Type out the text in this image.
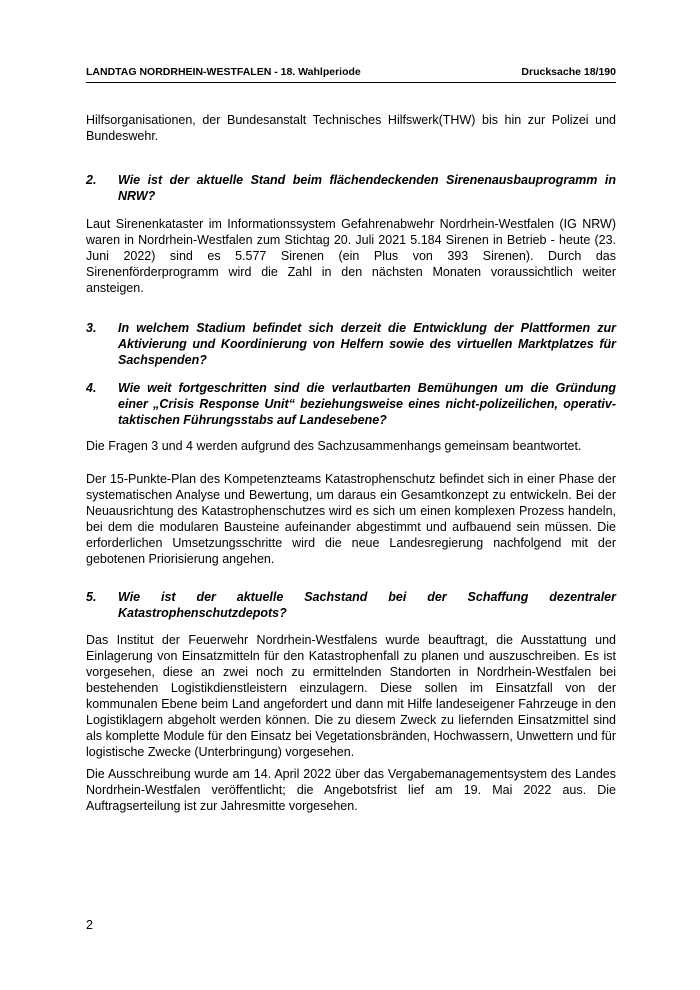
LANDTAG NORDRHEIN-WESTFALEN - 18. Wahlperiode	Drucksache 18/190
Hilfsorganisationen, der Bundesanstalt Technisches Hilfswerk(THW) bis hin zur Polizei und Bundeswehr.
2.	Wie ist der aktuelle Stand beim flächendeckenden Sirenenausbauprogramm in NRW?
Laut Sirenenkataster im Informationssystem Gefahrenabwehr Nordrhein-Westfalen (IG NRW) waren in Nordrhein-Westfalen zum Stichtag 20. Juli 2021 5.184 Sirenen in Betrieb - heute (23. Juni 2022) sind es 5.577 Sirenen (ein Plus von 393 Sirenen). Durch das Sirenenförderprogramm wird die Zahl in den nächsten Monaten voraussichtlich weiter ansteigen.
3.	In welchem Stadium befindet sich derzeit die Entwicklung der Plattformen zur Aktivierung und Koordinierung von Helfern sowie des virtuellen Marktplatzes für Sachspenden?
4.	Wie weit fortgeschritten sind die verlautbarten Bemühungen um die Gründung einer „Crisis Response Unit“ beziehungsweise eines nicht-polizeilichen, operativ-taktischen Führungsstabs auf Landesebene?
Die Fragen 3 und 4 werden aufgrund des Sachzusammenhangs gemeinsam beantwortet.
Der 15-Punkte-Plan des Kompetenzteams Katastrophenschutz befindet sich in einer Phase der systematischen Analyse und Bewertung, um daraus ein Gesamtkonzept zu entwickeln. Bei der Neuausrichtung des Katastrophenschutzes wird es sich um einen komplexen Prozess handeln, bei dem die modularen Bausteine aufeinander abgestimmt und aufbauend sein müssen. Die erforderlichen Umsetzungsschritte wird die neue Landesregierung nachfolgend mit der gebotenen Priorisierung angehen.
5.	Wie ist der aktuelle Sachstand bei der Schaffung dezentraler Katastrophenschutzdepots?
Das Institut der Feuerwehr Nordrhein-Westfalens wurde beauftragt, die Ausstattung und Einlagerung von Einsatzmitteln für den Katastrophenfall zu planen und auszuschreiben. Es ist vorgesehen, diese an zwei noch zu ermittelnden Standorten in Nordrhein-Westfalen bei bestehenden Logistikdienstleistern einzulagern. Diese sollen im Einsatzfall von der kommunalen Ebene beim Land angefordert und dann mit Hilfe landeseigener Fahrzeuge in den Logistiklagern abgeholt werden können. Die zu diesem Zweck zu liefernden Einsatzmittel sind als komplette Module für den Einsatz bei Vegetationsbränden, Hochwassern, Unwettern und für logistische Zwecke (Unterbringung) vorgesehen.
Die Ausschreibung wurde am 14. April 2022 über das Vergabemanagementsystem des Landes Nordrhein-Westfalen veröffentlicht; die Angebotsfrist lief am 19. Mai 2022 aus. Die Auftragserteilung ist zur Jahresmitte vorgesehen.
2
